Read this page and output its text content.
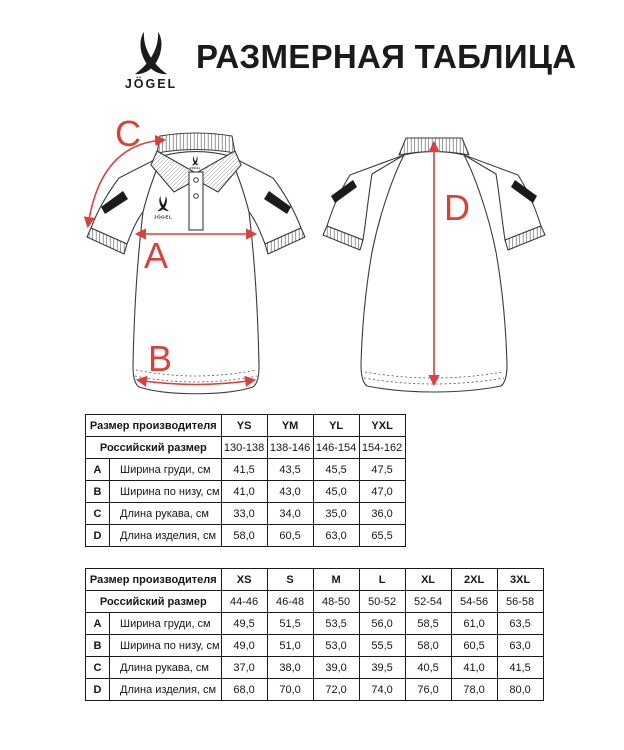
JÖGEL
РАЗМЕРНАЯ ТАБЛИЦА
JÖGEL
JÖGEL
C
A
B
D
Размер производителя		YS	YM	YL	YXL
Российский размер		130-138	138-146	146-154	154-162
A	Ширина груди, см	41,5	43,5	45,5	47,5
B	Ширина по низу, см	41,0	43,0	45,0	47,0
C	Длина рукава, см	33,0	34,0	35,0	36,0
D	Длина изделия, см	58,0	60,5	63,0	65,5
Размер производителя		XS	S	M	L	XL	2XL	3XL
Российский размер		44-46	46-48	48-50	50-52	52-54	54-56	56-58
A	Ширина груди, см	49,5	51,5	53,5	56,0	58,5	61,0	63,5
B	Ширина по низу, см	49,0	51,0	53,0	55,5	58,0	60,5	63,0
C	Длина рукава, см	37,0	38,0	39,0	39,5	40,5	41,0	41,5
D	Длина изделия, см	68,0	70,0	72,0	74,0	76,0	78,0	80,0
